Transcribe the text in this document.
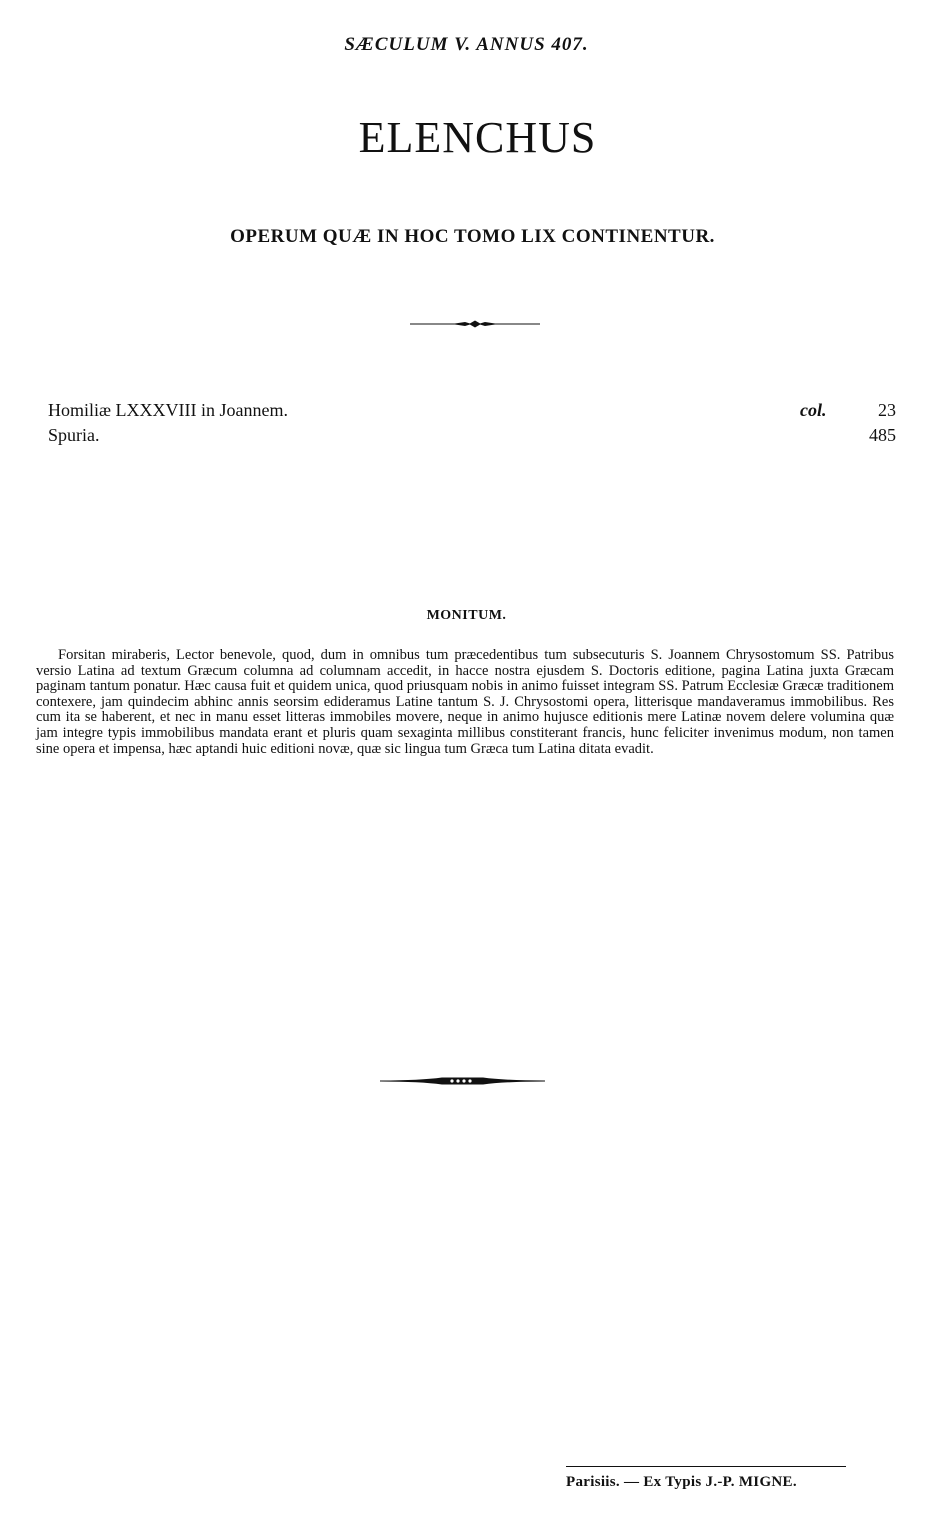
SÆCULUM V. ANNUS 407.
ELENCHUS
OPERUM QUÆ IN HOC TOMO LIX CONTINENTUR.
Homiliæ LXXXVIII in Joannem.	col.	23
Spuria.	485
MONITUM.

Forsitan miraberis, Lector benevole, quod, dum in omnibus tum præcedentibus tum subsecuturis S. Joannem Chrysostomum SS. Patribus versio Latina ad textum Græcum columna ad columnam accedit, in hacce nostra ejusdem S. Doctoris editione, pagina Latina juxta Græcam paginam tantum ponatur. Hæc causa fuit et quidem unica, quod priusquam nobis in animo fuisset integram SS. Patrum Ecclesiæ Græcæ traditionem contexere, jam quindecim abhinc annis seorsim edideramus Latine tantum S. J. Chrysostomi opera, litterisque mandaveramus immobilibus. Res cum ita se haberent, et nec in manu esset litteras immobiles movere, neque in animo hujusce editionis mere Latinæ novem delere volumina quæ jam integre typis immobilibus mandata erant et pluris quam sexaginta millibus constiterant francis, hunc feliciter invenimus modum, non tamen sine opera et impensa, hæc aptandi huic editioni novæ, quæ sic lingua tum Græca tum Latina ditata evadit.

Parisiis. — Ex Typis J.-P. MIGNE.
